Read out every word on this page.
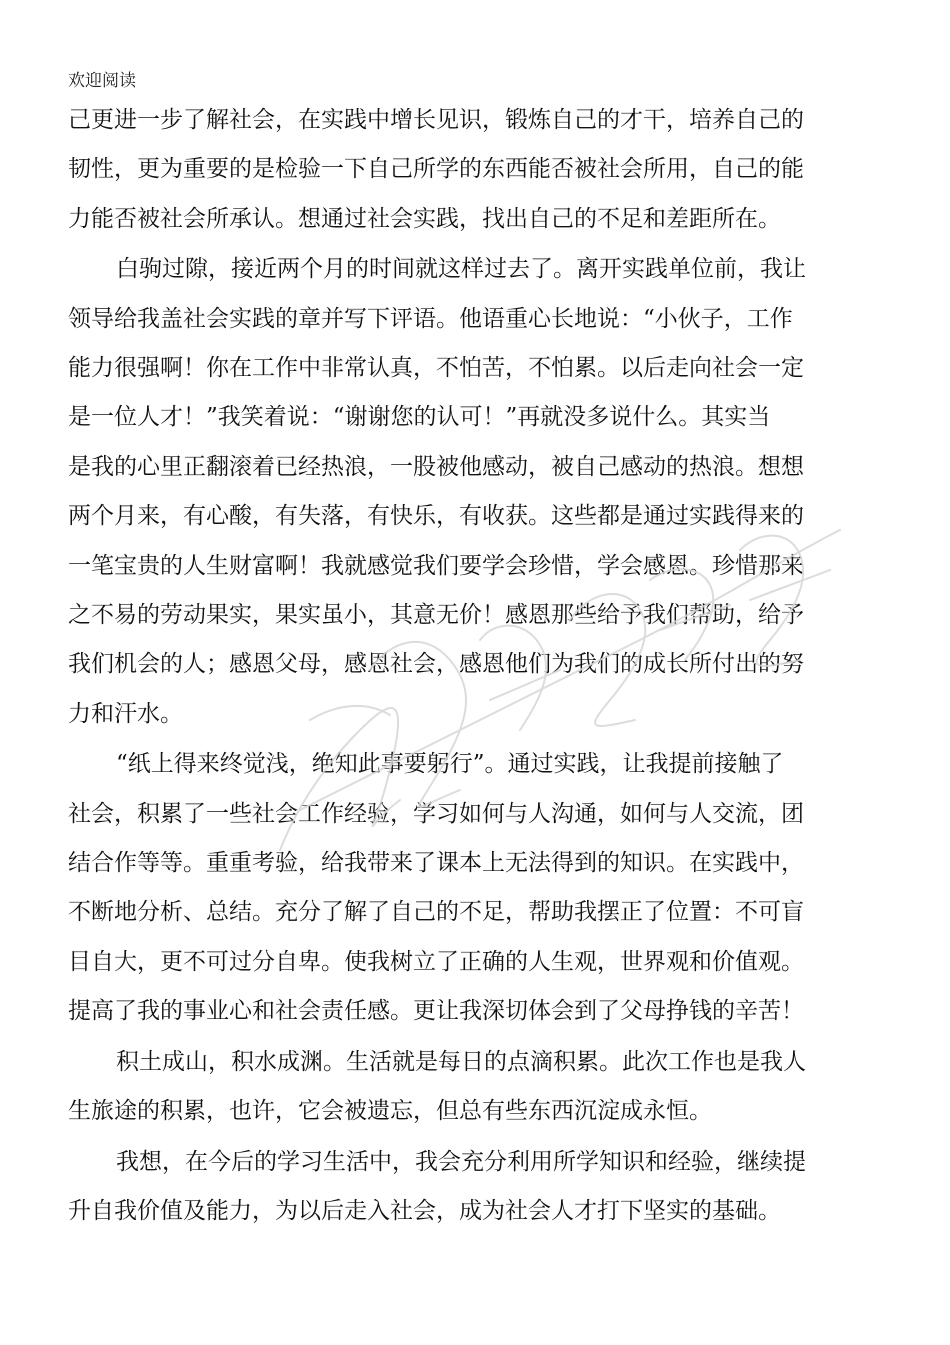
欢迎阅读
己更进一步了解社会，在实践中增长见识，锻炼自己的才干，培养自己的
韧性，更为重要的是检验一下自己所学的东西能否被社会所用，自己的能
力能否被社会所承认。想通过社会实践，找出自己的不足和差距所在。
白驹过隙，接近两个月的时间就这样过去了。离开实践单位前，我让
领导给我盖社会实践的章并写下评语。他语重心长地说：“小伙子，工作
能力很强啊！你在工作中非常认真，不怕苦，不怕累。以后走向社会一定
是一位人才！”我笑着说：“谢谢您的认可！”再就没多说什么。其实当
是我的心里正翻滚着已经热浪，一股被他感动，被自己感动的热浪。想想
两个月来，有心酸，有失落，有快乐，有收获。这些都是通过实践得来的
一笔宝贵的人生财富啊！我就感觉我们要学会珍惜，学会感恩。珍惜那来
之不易的劳动果实，果实虽小，其意无价！感恩那些给予我们帮助，给予
我们机会的人；感恩父母，感恩社会，感恩他们为我们的成长所付出的努
力和汗水。
“纸上得来终觉浅，绝知此事要躬行”。通过实践，让我提前接触了
社会，积累了一些社会工作经验，学习如何与人沟通，如何与人交流，团
结合作等等。重重考验，给我带来了课本上无法得到的知识。在实践中，
不断地分析、总结。充分了解了自己的不足，帮助我摆正了位置：不可盲
目自大，更不可过分自卑。使我树立了正确的人生观，世界观和价值观。
提高了我的事业心和社会责任感。更让我深切体会到了父母挣钱的辛苦！
积土成山，积水成渊。生活就是每日的点滴积累。此次工作也是我人
生旅途的积累，也许，它会被遗忘，但总有些东西沉淀成永恒。
我想，在今后的学习生活中，我会充分利用所学知识和经验，继续提
升自我价值及能力，为以后走入社会，成为社会人才打下坚实的基础。
